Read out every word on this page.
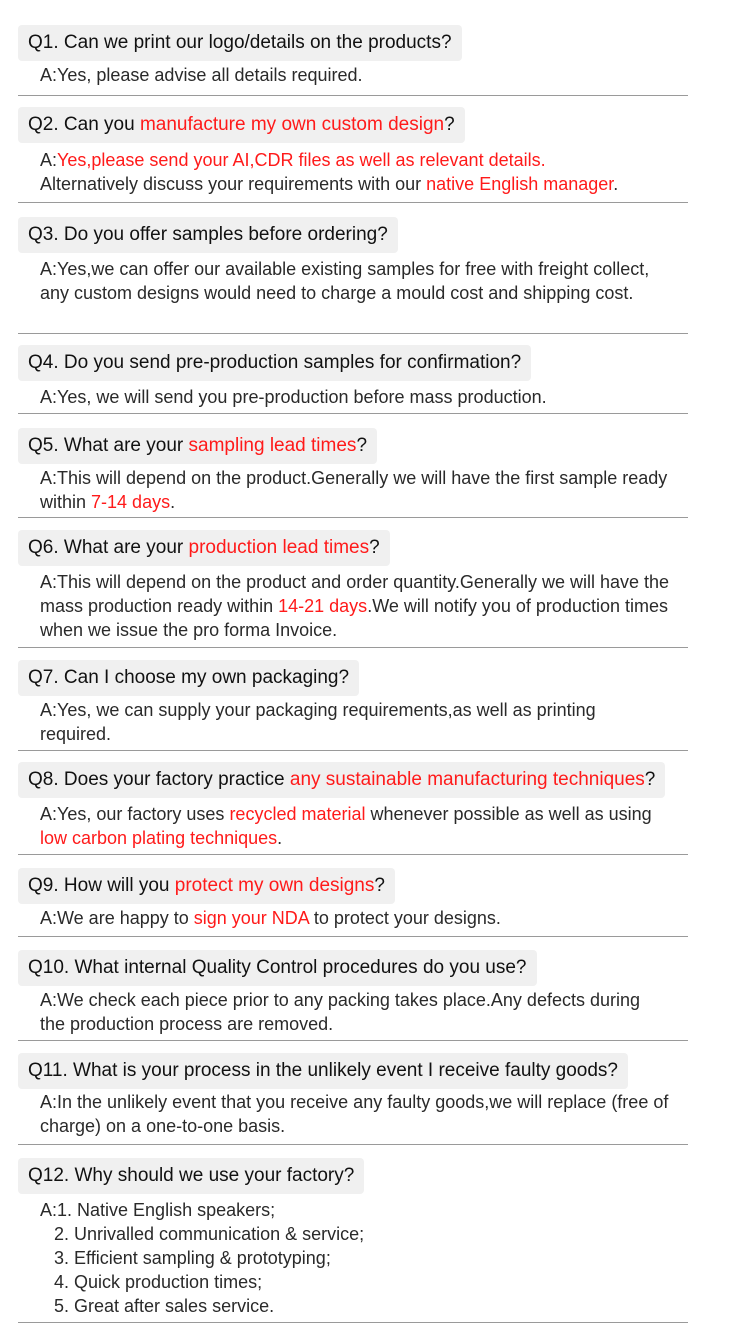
Q1. Can we print our logo/details on the products?
A:Yes, please advise all details required.
Q2. Can you manufacture my own custom design?
A:Yes,please send your AI,CDR files as well as relevant details.
Alternatively discuss your requirements with our native English manager.
Q3. Do you offer samples before ordering?
A:Yes,we can offer our available existing samples for free with freight collect, any custom designs would need to charge a mould cost and shipping cost.
Q4. Do you send pre-production samples for confirmation?
A:Yes, we will send you pre-production before mass production.
Q5. What are your sampling lead times?
A:This will depend on the product.Generally we will have the first sample ready within 7-14 days.
Q6. What are your production lead times?
A:This will depend on the product and order quantity.Generally we will have the mass production ready within 14-21 days.We will notify you of production times when we issue the pro forma Invoice.
Q7. Can I choose my own packaging?
A:Yes, we can supply your packaging requirements,as well as printing required.
Q8. Does your factory practice any sustainable manufacturing techniques?
A:Yes, our factory uses recycled material whenever possible as well as using low carbon plating techniques.
Q9. How will you protect my own designs?
A:We are happy to sign your NDA to protect your designs.
Q10. What internal Quality Control procedures do you use?
A:We check each piece prior to any packing takes place.Any defects during the production process are removed.
Q11. What is your process in the unlikely event I receive faulty goods?
A:In the unlikely event that you receive any faulty goods,we will replace (free of charge) on a one-to-one basis.
Q12. Why should we use your factory?
A:1. Native English speakers;
2. Unrivalled communication & service;
3. Efficient sampling & prototyping;
4. Quick production times;
5. Great after sales service.
